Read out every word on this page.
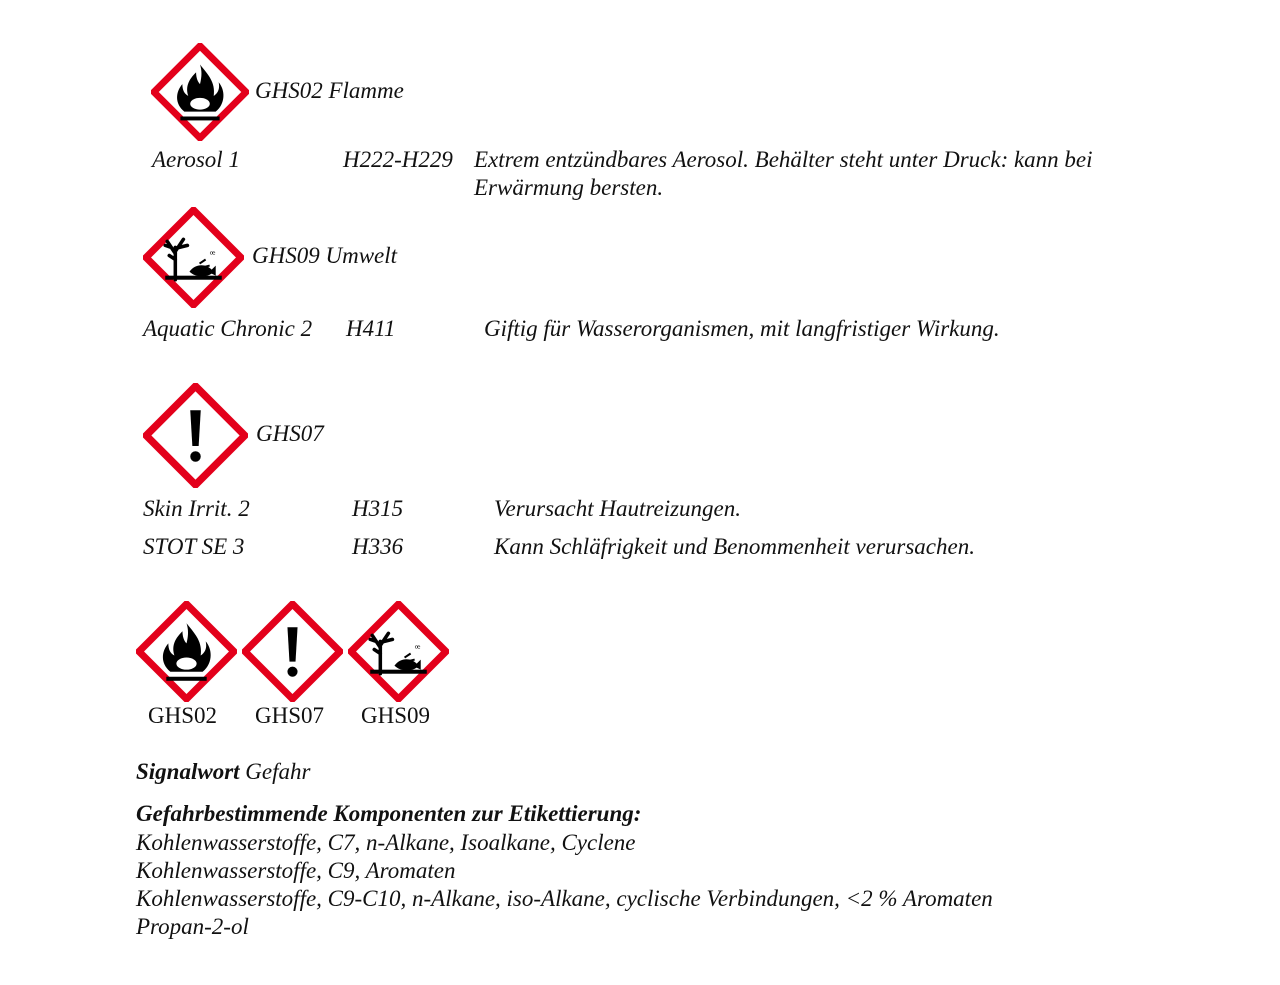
GHS02 Flamme
Aerosol 1	H222-H229 Extrem entzündbares Aerosol. Behälter steht unter Druck: kann bei
Erwärmung bersten.
GHS09 Umwelt
Aquatic Chronic 2 H411	Giftig für Wasserorganismen, mit langfristiger Wirkung.
GHS07
Skin Irrit. 2	H315	Verursacht Hautreizungen.
STOT SE 3	H336	Kann Schläfrigkeit und Benommenheit verursachen.
GHS02 GHS07 GHS09
Signalwort Gefahr
Gefahrbestimmende Komponenten zur Etikettierung:
Kohlenwasserstoffe, C7, n-Alkane, Isoalkane, Cyclene
Kohlenwasserstoffe, C9, Aromaten
Kohlenwasserstoffe, C9-C10, n-Alkane, iso-Alkane, cyclische Verbindungen, <2 % Aromaten
Propan-2-ol
